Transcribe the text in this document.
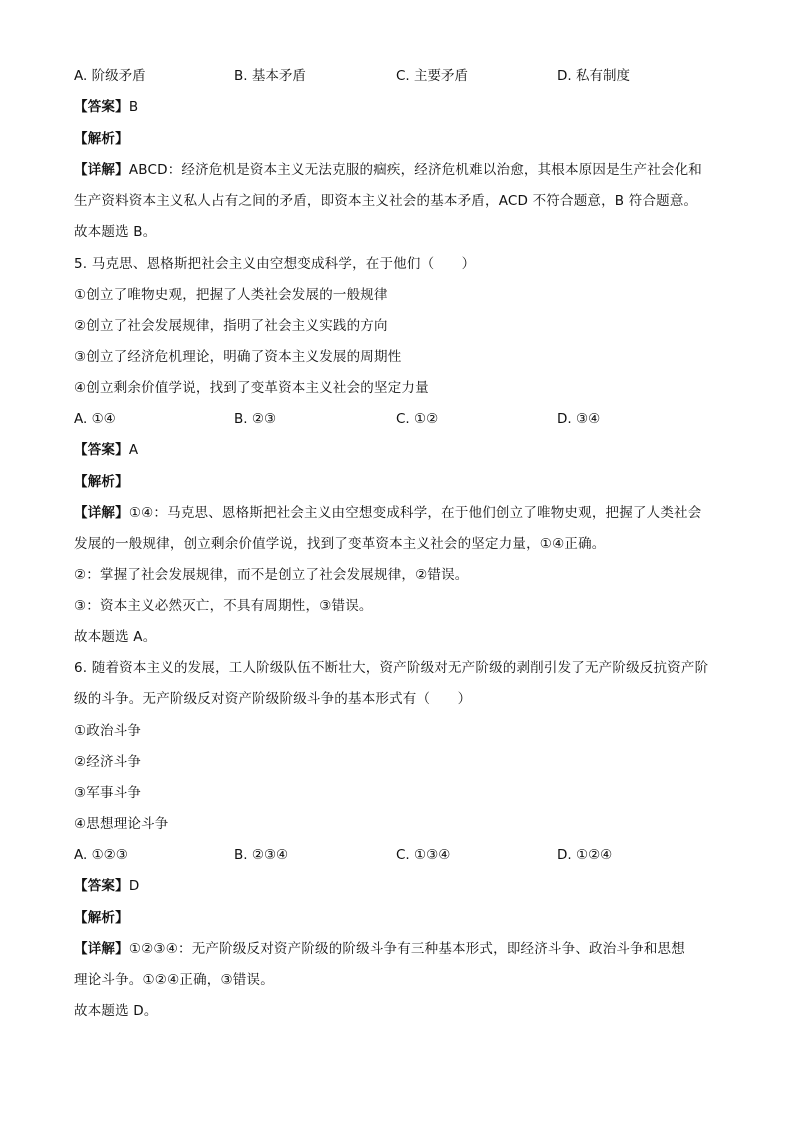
A. 阶级矛盾	B. 基本矛盾	C. 主要矛盾	D. 私有制度
【答案】B
【解析】
【详解】ABCD：经济危机是资本主义无法克服的痼疾，经济危机难以治愈，其根本原因是生产社会化和
生产资料资本主义私人占有之间的矛盾，即资本主义社会的基本矛盾，ACD 不符合题意，B 符合题意。
故本题选 B。
5. 马克思、恩格斯把社会主义由空想变成科学，在于他们（　　）
①创立了唯物史观，把握了人类社会发展的一般规律
②创立了社会发展规律，指明了社会主义实践的方向
③创立了经济危机理论，明确了资本主义发展的周期性
④创立剩余价值学说，找到了变革资本主义社会的坚定力量
A. ①④	B. ②③	C. ①②	D. ③④
【答案】A
【解析】
【详解】①④：马克思、恩格斯把社会主义由空想变成科学，在于他们创立了唯物史观，把握了人类社会
发展的一般规律，创立剩余价值学说，找到了变革资本主义社会的坚定力量，①④正确。
②：掌握了社会发展规律，而不是创立了社会发展规律，②错误。
③：资本主义必然灭亡，不具有周期性，③错误。
故本题选 A。
6. 随着资本主义的发展，工人阶级队伍不断壮大，资产阶级对无产阶级的剥削引发了无产阶级反抗资产阶
级的斗争。无产阶级反对资产阶级阶级斗争的基本形式有（　　）
①政治斗争
②经济斗争
③军事斗争
④思想理论斗争
A. ①②③	B. ②③④	C. ①③④	D. ①②④
【答案】D
【解析】
【详解】①②③④：无产阶级反对资产阶级的阶级斗争有三种基本形式，即经济斗争、政治斗争和思想
理论斗争。①②④正确，③错误。
故本题选 D。
